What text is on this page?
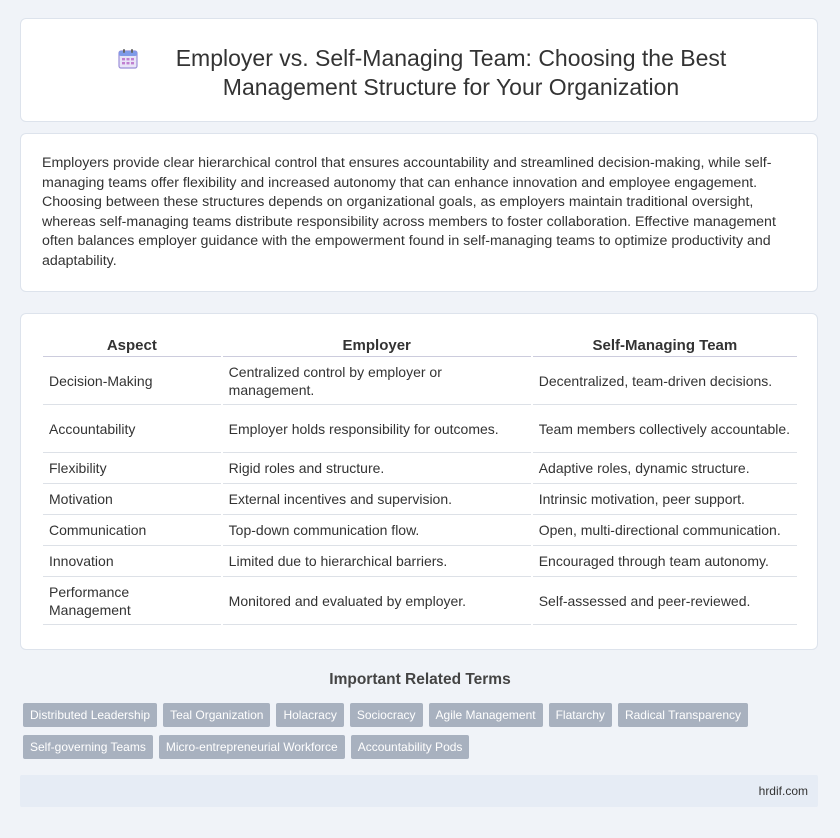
Employer vs. Self-Managing Team: Choosing the Best Management Structure for Your Organization

Employers provide clear hierarchical control that ensures accountability and streamlined decision-making, while self-managing teams offer flexibility and increased autonomy that can enhance innovation and employee engagement. Choosing between these structures depends on organizational goals, as employers maintain traditional oversight, whereas self-managing teams distribute responsibility across members to foster collaboration. Effective management often balances employer guidance with the empowerment found in self-managing teams to optimize productivity and adaptability.

Aspect	Employer	Self-Managing Team
Decision-Making	Centralized control by employer or management.	Decentralized, team-driven decisions.
Accountability	Employer holds responsibility for outcomes.	Team members collectively accountable.
Flexibility	Rigid roles and structure.	Adaptive roles, dynamic structure.
Motivation	External incentives and supervision.	Intrinsic motivation, peer support.
Communication	Top-down communication flow.	Open, multi-directional communication.
Innovation	Limited due to hierarchical barriers.	Encouraged through team autonomy.
Performance Management	Monitored and evaluated by employer.	Self-assessed and peer-reviewed.
Important Related Terms
Distributed Leadership Teal Organization Holacracy Sociocracy Agile Management Flatarchy Radical Transparency
Self-governing Teams Micro-entrepreneurial Workforce Accountability Pods
hrdif.com
